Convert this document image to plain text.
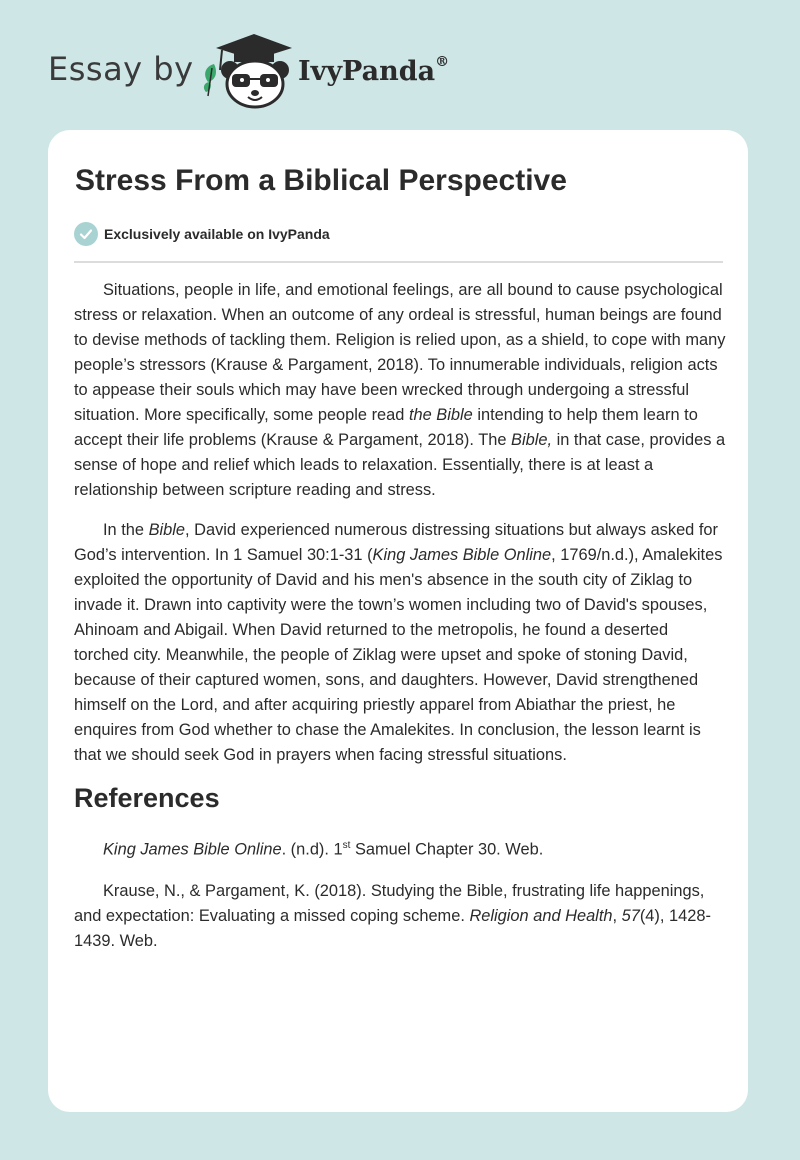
Essay by	IvyPanda®
Stress From a Biblical Perspective
Exclusively available on IvyPanda

Situations, people in life, and emotional feelings, are all bound to cause psychological stress or relaxation. When an outcome of any ordeal is stressful, human beings are found to devise methods of tackling them. Religion is relied upon, as a shield, to cope with many people’s stressors (Krause & Pargament, 2018). To innumerable individuals, religion acts to appease their souls which may have been wrecked through undergoing a stressful situation. More specifically, some people read the Bible intending to help them learn to accept their life problems (Krause & Pargament, 2018). The Bible, in that case, provides a sense of hope and relief which leads to relaxation. Essentially, there is at least a relationship between scripture reading and stress.

In the Bible, David experienced numerous distressing situations but always asked for God’s intervention. In 1 Samuel 30:1-31 (King James Bible Online, 1769/n.d.), Amalekites exploited the opportunity of David and his men's absence in the south city of Ziklag to invade it. Drawn into captivity were the town’s women including two of David's spouses, Ahinoam and Abigail. When David returned to the metropolis, he found a deserted torched city. Meanwhile, the people of Ziklag were upset and spoke of stoning David, because of their captured women, sons, and daughters. However, David strengthened himself on the Lord, and after acquiring priestly apparel from Abiathar the priest, he enquires from God whether to chase the Amalekites. In conclusion, the lesson learnt is that we should seek God in prayers when facing stressful situations.

References

King James Bible Online. (n.d). 1st Samuel Chapter 30. Web.

Krause, N., & Pargament, K. (2018). Studying the Bible, frustrating life happenings, and expectation: Evaluating a missed coping scheme. Religion and Health, 57(4), 1428-1439. Web.
